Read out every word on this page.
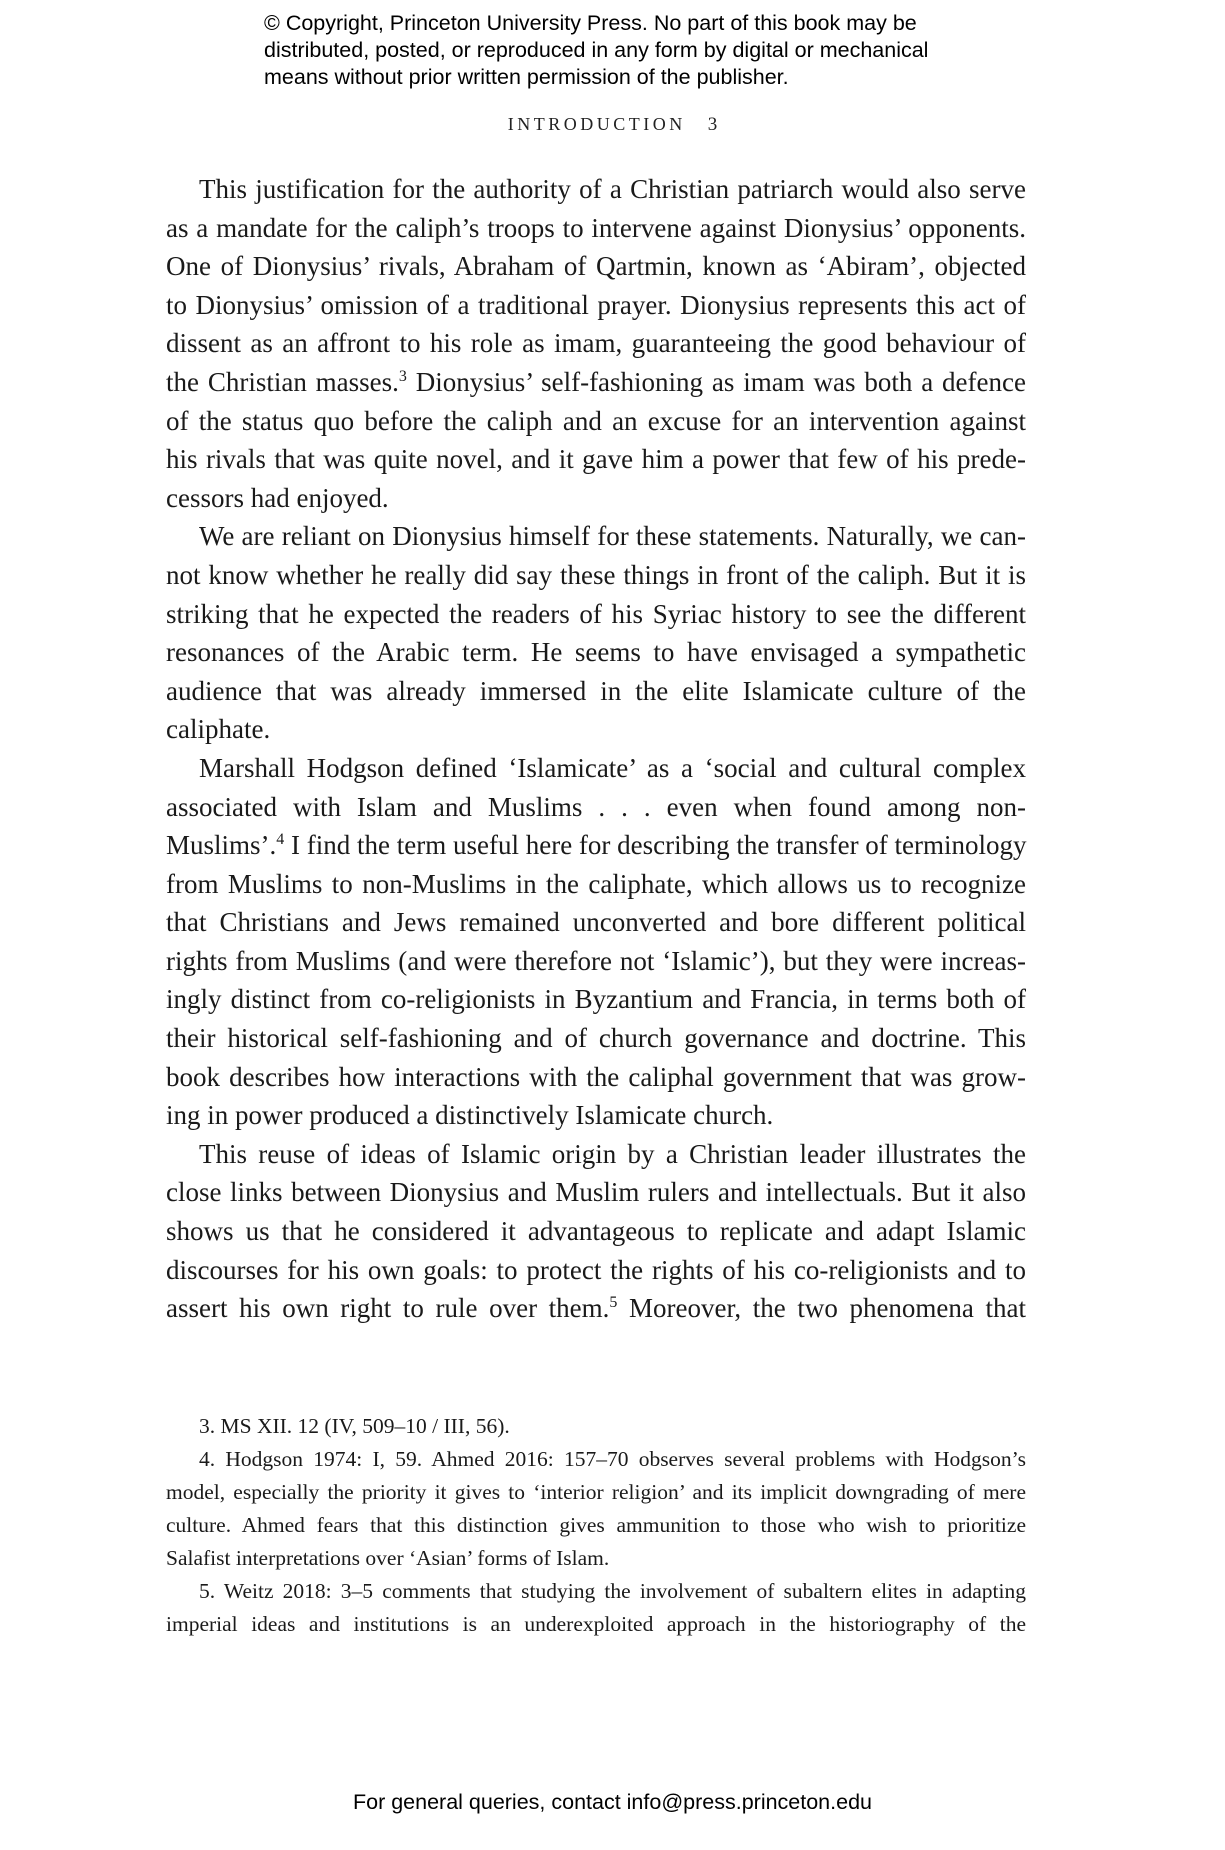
© Copyright, Princeton University Press. No part of this book may be
distributed, posted, or reproduced in any form by digital or mechanical
means without prior written permission of the publisher.
INTRODUCTION 3

This justification for the authority of a Christian patriarch would also serve
as a mandate for the caliph’s troops to intervene against Dionysius’ opponents.
One of Dionysius’ rivals, Abraham of Qartmin, known as ‘Abiram’, objected
to Dionysius’ omission of a traditional prayer. Dionysius represents this act of
dissent as an affront to his role as imam, guaranteeing the good behaviour of
the Christian masses.$^3$ Dionysius’ self-fashioning as imam was both a defence
of the status quo before the caliph and an excuse for an intervention against
his rivals that was quite novel, and it gave him a power that few of his prede-
cessors had enjoyed.

We are reliant on Dionysius himself for these statements. Naturally, we can-
not know whether he really did say these things in front of the caliph. But it is
striking that he expected the readers of his Syriac history to see the different
resonances of the Arabic term. He seems to have envisaged a sympathetic
audience that was already immersed in the elite Islamicate culture of the
caliphate.

Marshall Hodgson defined ‘Islamicate’ as a ‘social and cultural complex
associated with Islam and Muslims . . . even when found among non-
Muslims’.$^4$ I find the term useful here for describing the transfer of terminology
from Muslims to non-Muslims in the caliphate, which allows us to recognize
that Christians and Jews remained unconverted and bore different political
rights from Muslims (and were therefore not ‘Islamic’), but they were increas-
ingly distinct from co-religionists in Byzantium and Francia, in terms both of
their historical self-fashioning and of church governance and doctrine. This
book describes how interactions with the caliphal government that was grow-
ing in power produced a distinctively Islamicate church.

This reuse of ideas of Islamic origin by a Christian leader illustrates the
close links between Dionysius and Muslim rulers and intellectuals. But it also
shows us that he considered it advantageous to replicate and adapt Islamic
discourses for his own goals: to protect the rights of his co-religionists and to
assert his own right to rule over them.$^5$ Moreover, the two phenomena that

3. MS XII. 12 (IV, 509–10 / III, 56).

4. Hodgson 1974: I, 59. Ahmed 2016: 157–70 observes several problems with Hodgson’s
model, especially the priority it gives to ‘interior religion’ and its implicit downgrading of mere
culture. Ahmed fears that this distinction gives ammunition to those who wish to prioritize
Salafist interpretations over ‘Asian’ forms of Islam.

5. Weitz 2018: 3–5 comments that studying the involvement of subaltern elites in adapting
imperial ideas and institutions is an underexploited approach in the historiography of the

For general queries, contact info@press.princeton.edu
